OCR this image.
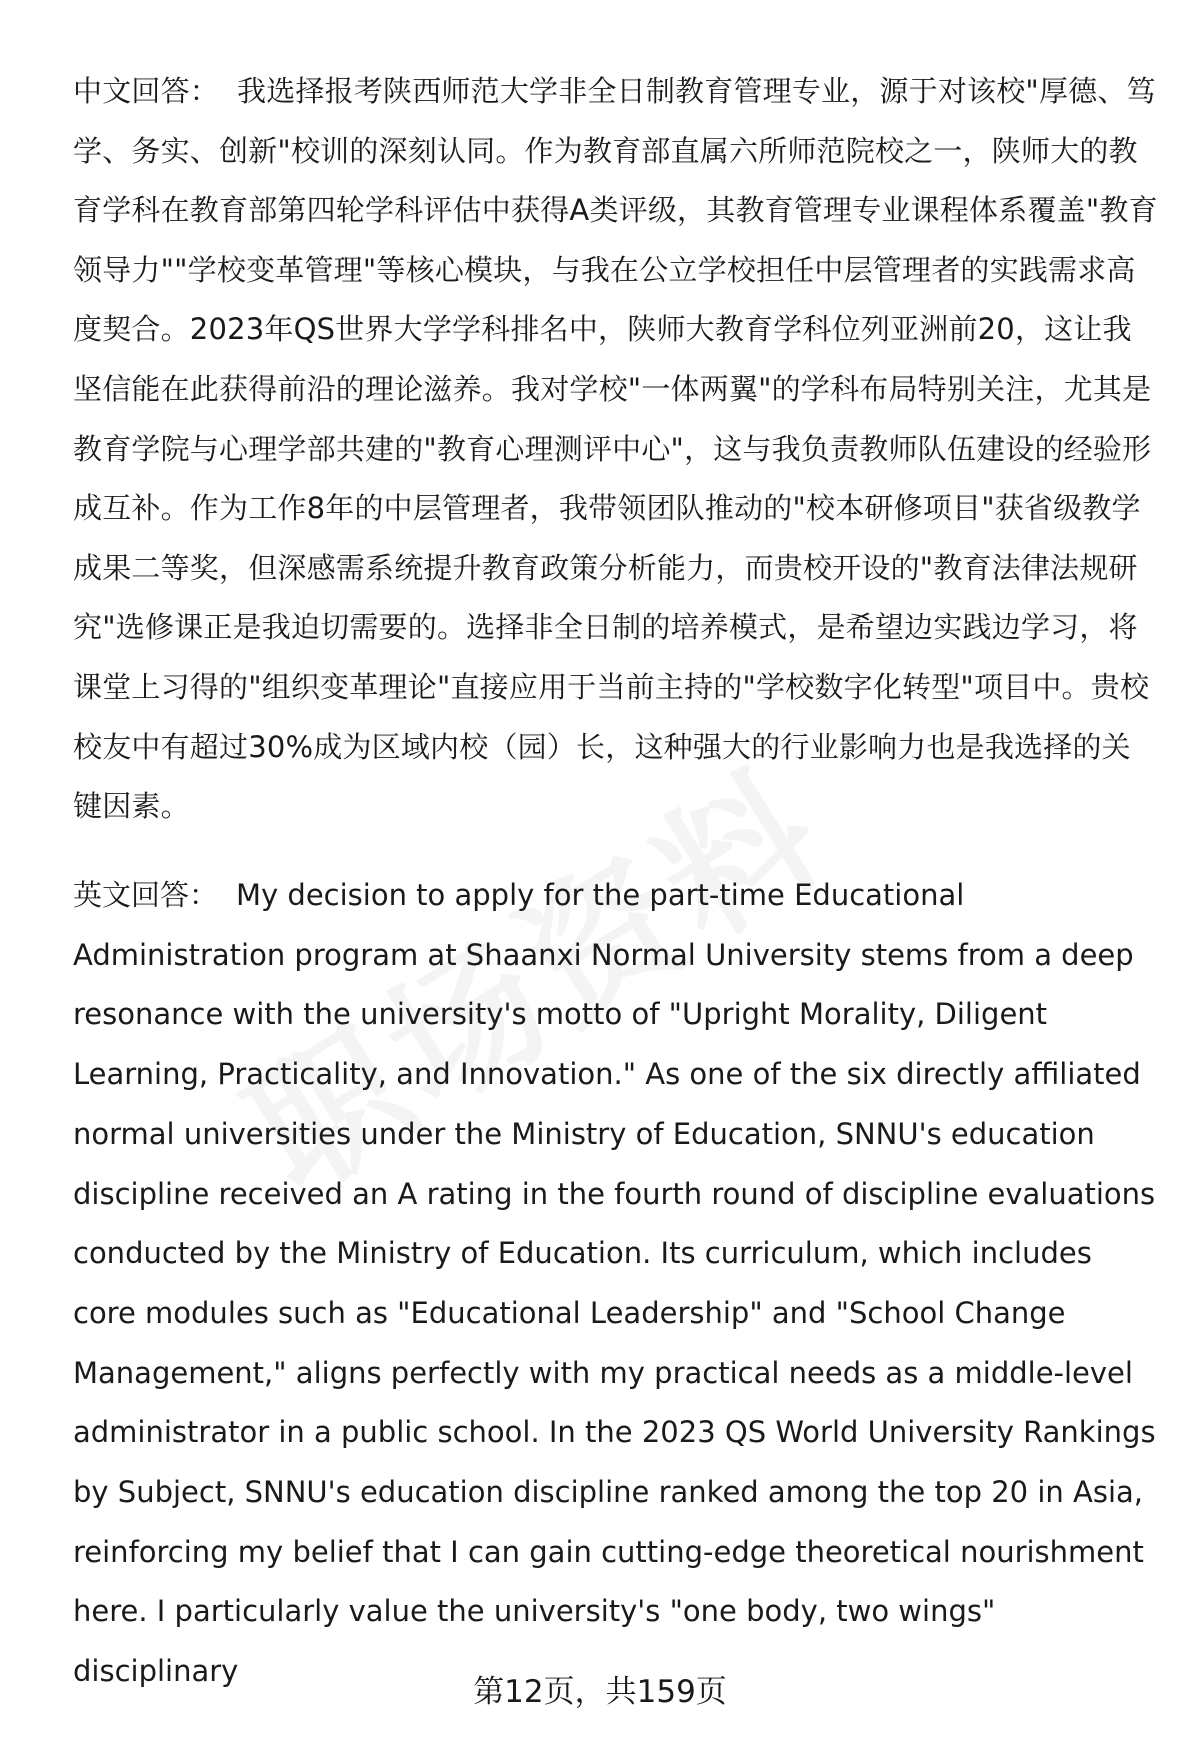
中文回答： 我选择报考陕西师范大学非全日制教育管理专业，源于对该校"厚德、笃学、务实、创新"校训的深刻认同。作为教育部直属六所师范院校之一，陕师大的教育学科在教育部第四轮学科评估中获得A类评级，其教育管理专业课程体系覆盖"教育领导力""学校变革管理"等核心模块，与我在公立学校担任中层管理者的实践需求高度契合。2023年QS世界大学学科排名中，陕师大教育学科位列亚洲前20，这让我坚信能在此获得前沿的理论滋养。我对学校"一体两翼"的学科布局特别关注，尤其是教育学院与心理学部共建的"教育心理测评中心"，这与我负责教师队伍建设的经验形成互补。作为工作8年的中层管理者，我带领团队推动的"校本研修项目"获省级教学成果二等奖，但深感需系统提升教育政策分析能力，而贵校开设的"教育法律法规研究"选修课正是我迫切需要的。选择非全日制的培养模式，是希望边实践边学习，将课堂上习得的"组织变革理论"直接应用于当前主持的"学校数字化转型"项目中。贵校校友中有超过30%成为区域内校（园）长，这种强大的行业影响力也是我选择的关键因素。

英文回答： My decision to apply for the part-time Educational Administration program at Shaanxi Normal University stems from a deep resonance with the university's motto of "Upright Morality, Diligent Learning, Practicality, and Innovation." As one of the six directly affiliated normal universities under the Ministry of Education, SNNU's education discipline received an A rating in the fourth round of discipline evaluations conducted by the Ministry of Education. Its curriculum, which includes core modules such as "Educational Leadership" and "School Change Management," aligns perfectly with my practical needs as a middle-level administrator in a public school. In the 2023 QS World University Rankings by Subject, SNNU's education discipline ranked among the top 20 in Asia, reinforcing my belief that I can gain cutting-edge theoretical nourishment here. I particularly value the university's "one body, two wings" disciplinary

第12页，共159页
